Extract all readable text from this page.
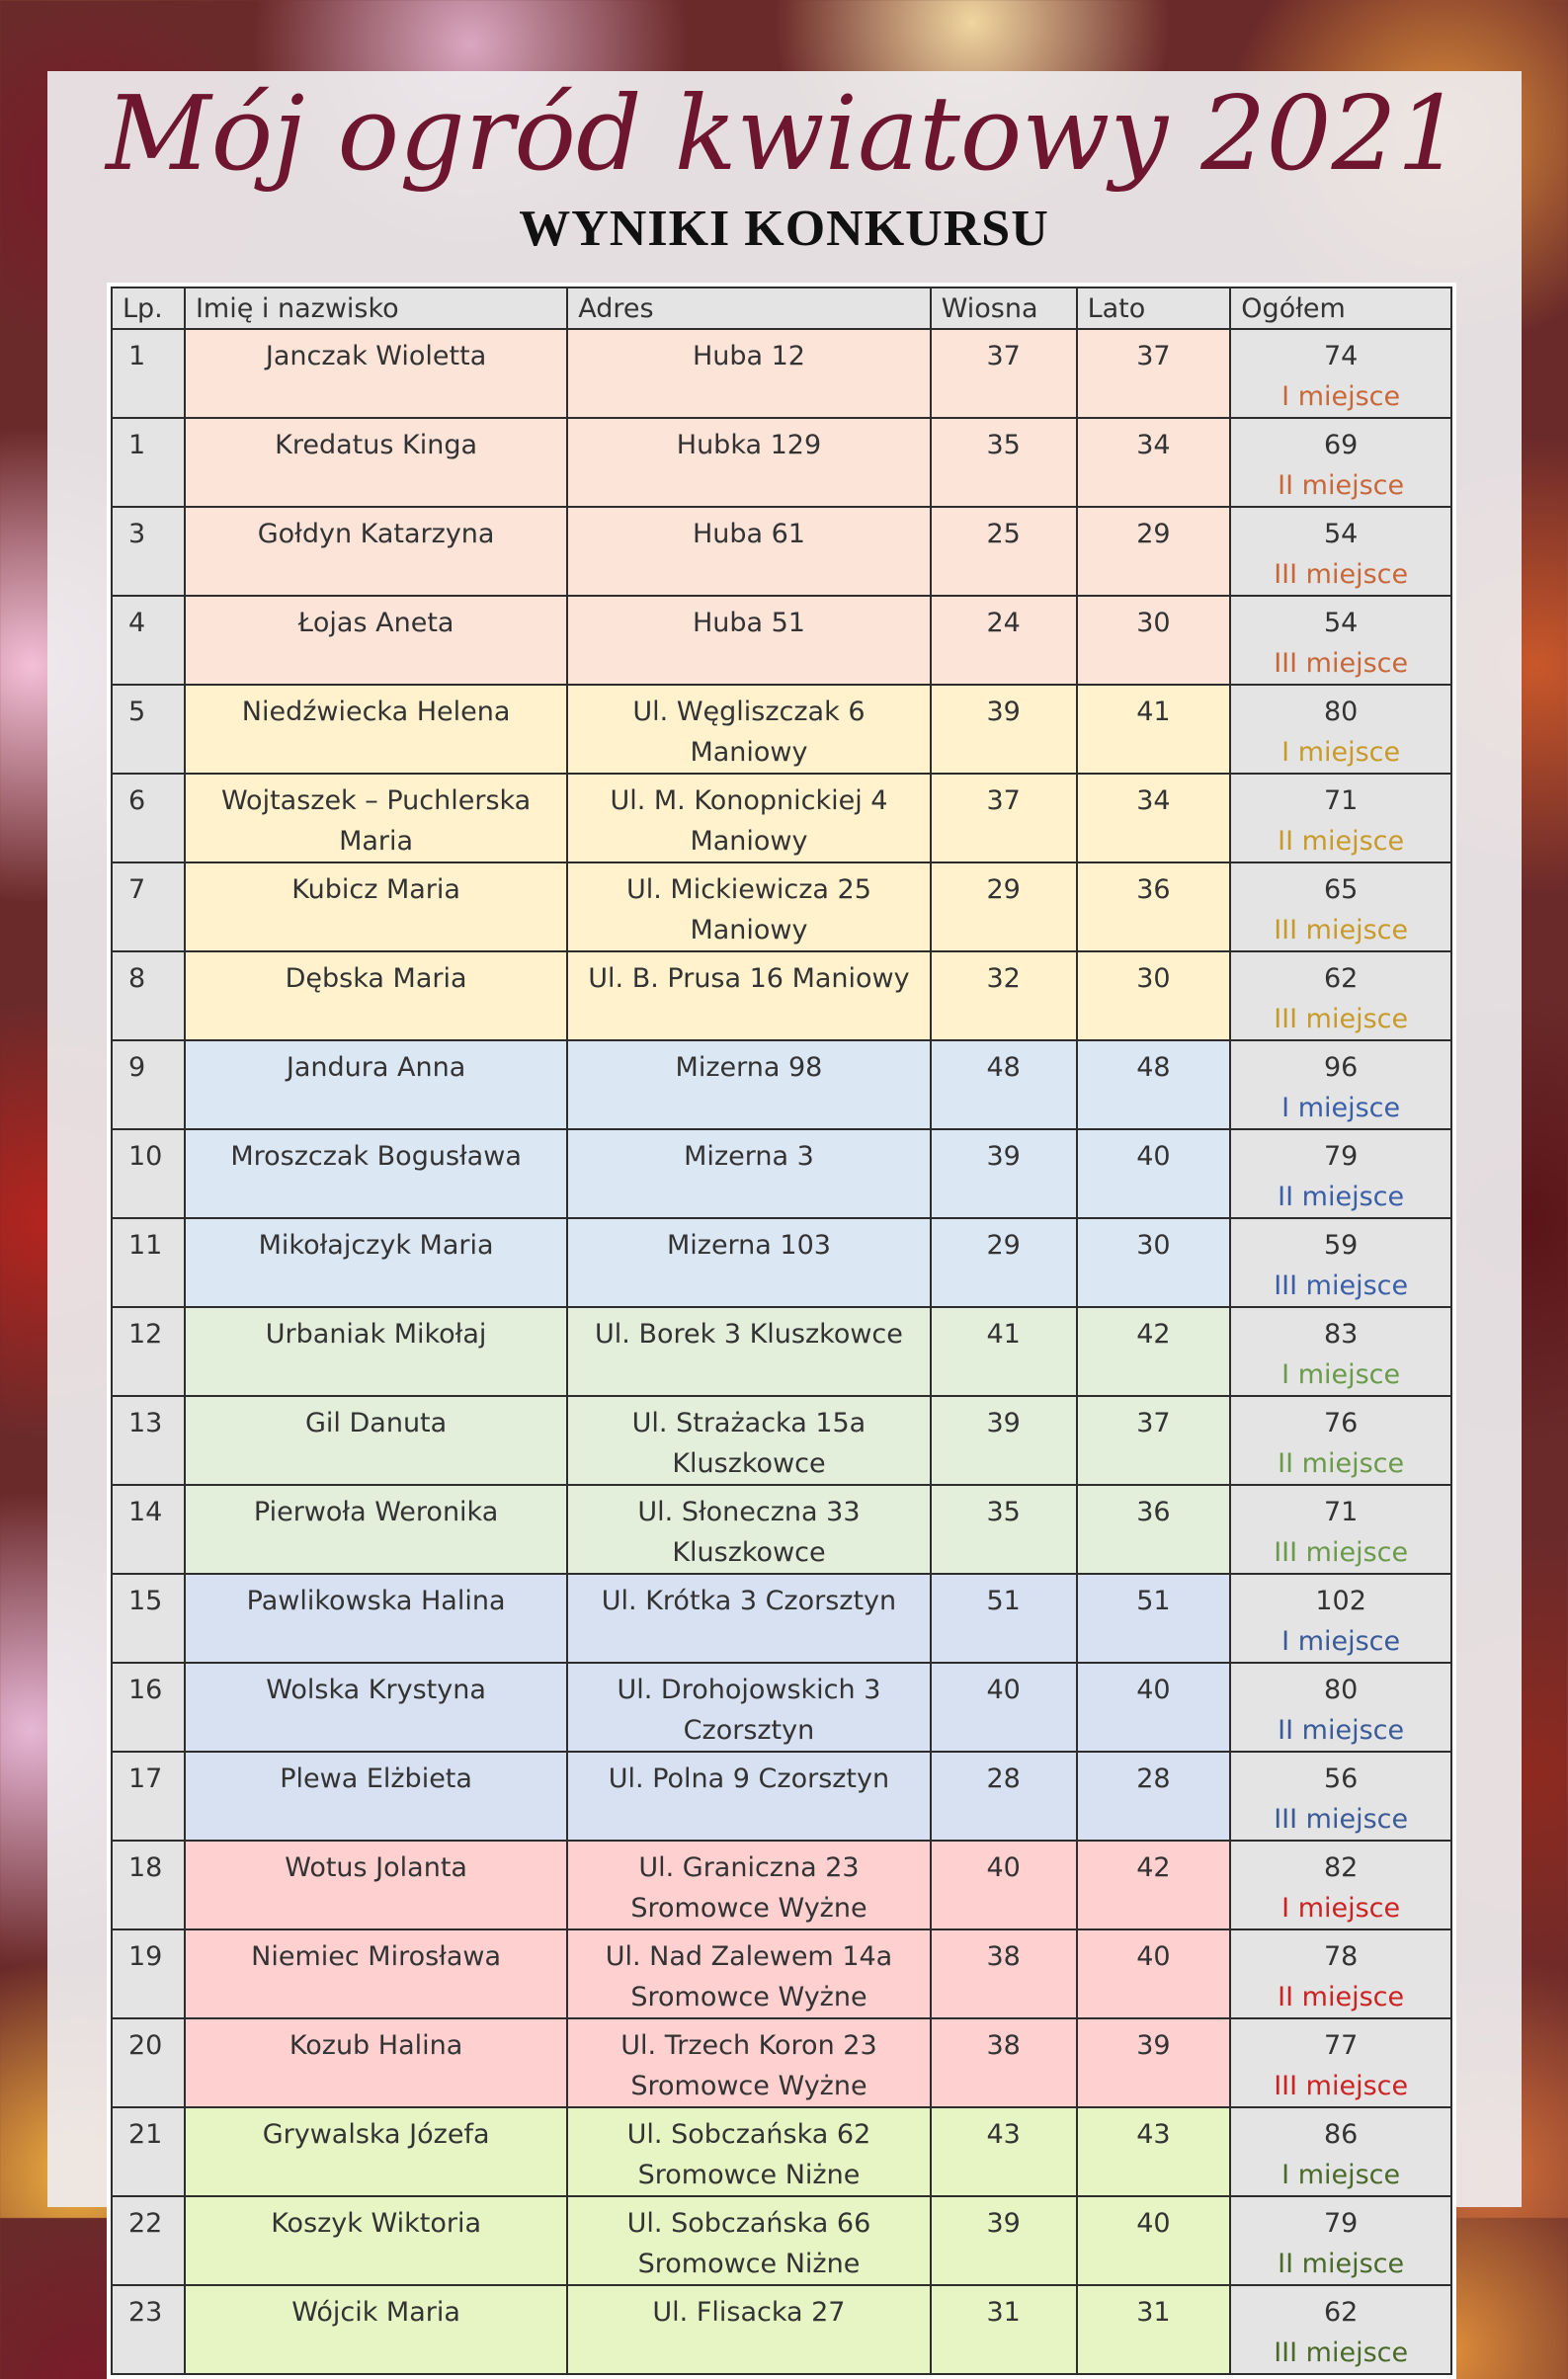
Mój ogród kwiatowy 2021
WYNIKI KONKURSU
Lp.	Imię i nazwisko	Adres	Wiosna	Lato	Ogółem
1	Janczak Wioletta	Huba 12	37	37	74
I miejsce

1	Kredatus Kinga	Hubka 129	35	34	69
II miejsce

3	Gołdyn Katarzyna	Huba 61	25	29	54
III miejsce

4	Łojas Aneta	Huba 51	24	30	54
III miejsce

5	Niedźwiecka Helena	Ul. Węgliszczak 6 Maniowy	39	41	80
I miejsce

6	Wojtaszek – Puchlerska Maria	Ul. M. Konopnickiej 4 Maniowy	37	34	71
II miejsce

7	Kubicz Maria	Ul. Mickiewicza 25 Maniowy	29	36	65
III miejsce

8	Dębska Maria	Ul. B. Prusa 16 Maniowy	32	30	62
III miejsce

9	Jandura Anna	Mizerna 98	48	48	96
I miejsce

10	Mroszczak Bogusława	Mizerna 3	39	40	79
II miejsce

11	Mikołajczyk Maria	Mizerna 103	29	30	59
III miejsce

12	Urbaniak Mikołaj	Ul. Borek 3 Kluszkowce	41	42	83
I miejsce

13	Gil Danuta	Ul. Strażacka 15a Kluszkowce	39	37	76
II miejsce

14	Pierwoła Weronika	Ul. Słoneczna 33 Kluszkowce	35	36	71
III miejsce

15	Pawlikowska Halina	Ul. Krótka 3 Czorsztyn	51	51	102
I miejsce

16	Wolska Krystyna	Ul. Drohojowskich 3 Czorsztyn	40	40	80
II miejsce

17	Plewa Elżbieta	Ul. Polna 9 Czorsztyn	28	28	56
III miejsce

18	Wotus Jolanta	Ul. Graniczna 23 Sromowce Wyżne	40	42	82
I miejsce

19	Niemiec Mirosława	Ul. Nad Zalewem 14a Sromowce Wyżne	38	40	78
II miejsce

20	Kozub Halina	Ul. Trzech Koron 23 Sromowce Wyżne	38	39	77
III miejsce

21	Grywalska Józefa	Ul. Sobczańska 62 Sromowce Niżne	43	43	86
I miejsce

22	Koszyk Wiktoria	Ul. Sobczańska 66 Sromowce Niżne	39	40	79
II miejsce

23	Wójcik Maria	Ul. Flisacka 27	31	31	62
III miejsce
